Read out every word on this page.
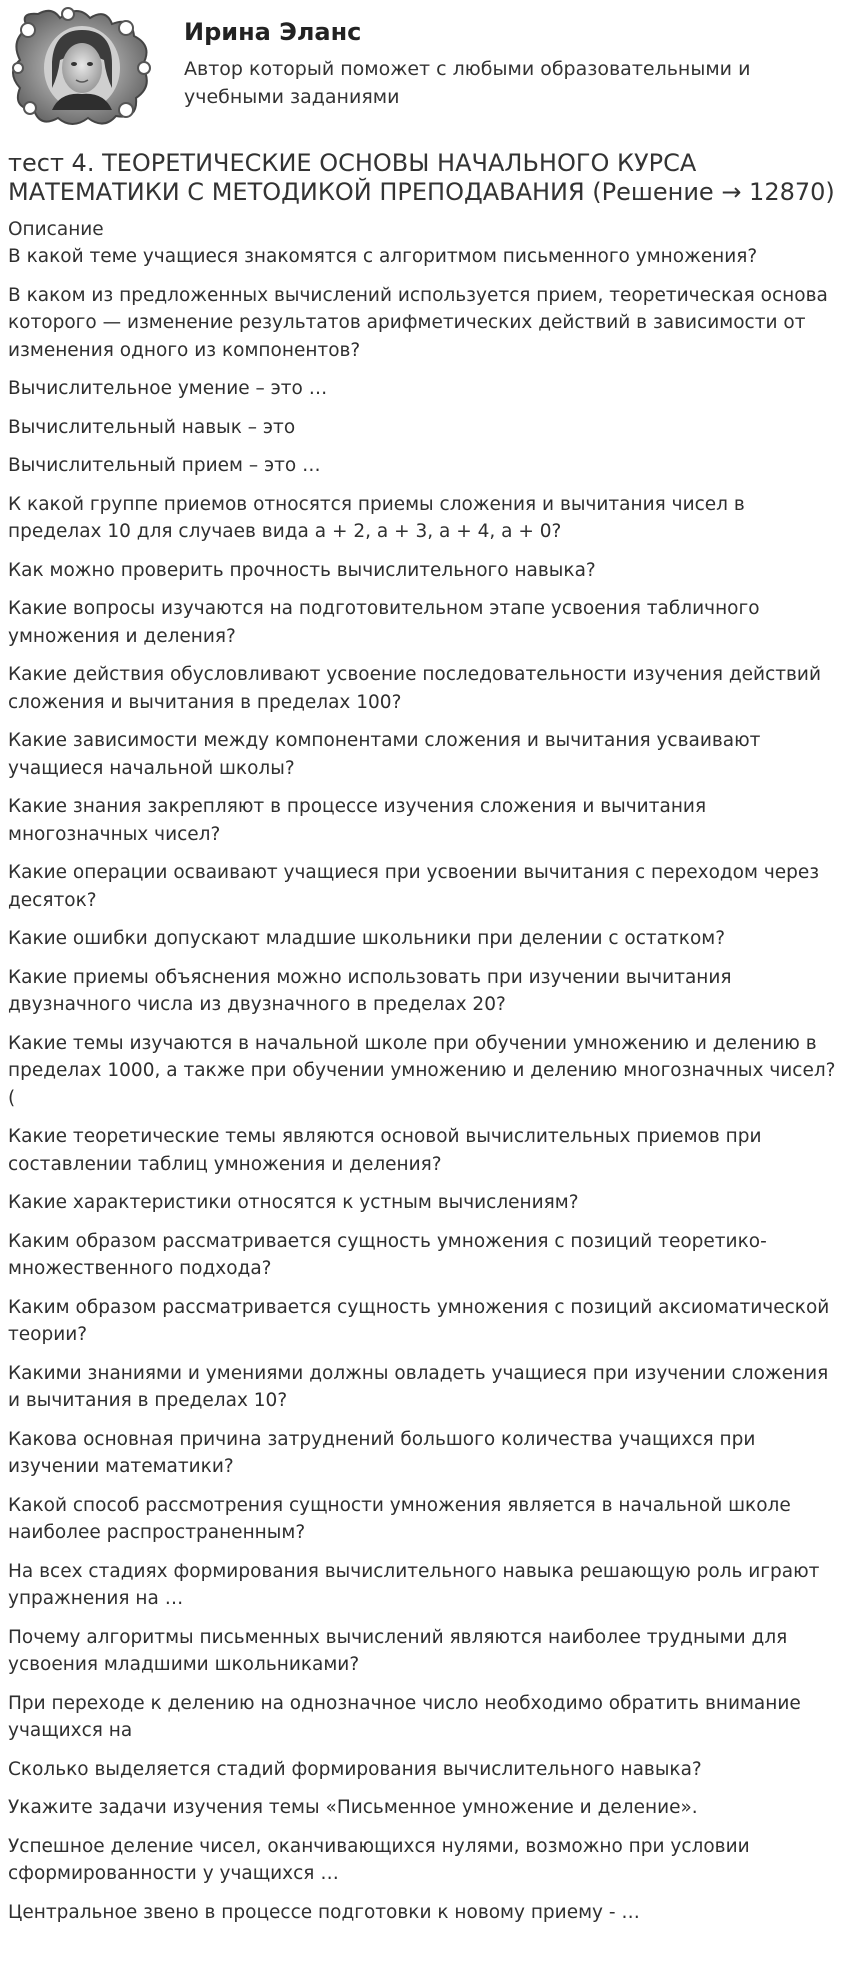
Ирина Эланс

Автор который поможет с любыми образовательными и учебными заданиями

тест 4. ТЕОРЕТИЧЕСКИЕ ОСНОВЫ НАЧАЛЬНОГО КУРСА МАТЕМАТИКИ С МЕТОДИКОЙ ПРЕПОДАВАНИЯ (Решение → 12870)
Описание
В какой теме учащиеся знакомятся с алгоритмом письменного умножения?
В каком из предложенных вычислений используется прием, теоретическая основа которого — изменение результатов арифметических действий в зависимости от изменения одного из компонентов?
Вычислительное умение – это …
Вычислительный навык – это
Вычислительный прием – это …
К какой группе приемов относятся приемы сложения и вычитания чисел в пределах 10 для случаев вида а + 2, а + 3, а + 4, а + 0?
Как можно проверить прочность вычислительного навыка?
Какие вопросы изучаются на подготовительном этапе усвоения табличного умножения и деления?
Какие действия обусловливают усвоение последовательности изучения действий сложения и вычитания в пределах 100?
Какие зависимости между компонентами сложения и вычитания усваивают учащиеся начальной школы?
Какие знания закрепляют в процессе изучения сложения и вычитания многозначных чисел?
Какие операции осваивают учащиеся при усвоении вычитания с переходом через десяток?
Какие ошибки допускают младшие школьники при делении с остатком?
Какие приемы объяснения можно использовать при изучении вычитания двузначного числа из двузначного в пределах 20?
Какие темы изучаются в начальной школе при обучении умножению и делению в пределах 1000, а также при обучении умножению и делению многозначных чисел? (
Какие теоретические темы являются основой вычислительных приемов при составлении таблиц умножения и деления?
Какие характеристики относятся к устным вычислениям?
Каким образом рассматривается сущность умножения с позиций теоретико-множественного подхода?
Каким образом рассматривается сущность умножения с позиций аксиоматической теории?
Какими знаниями и умениями должны овладеть учащиеся при изучении сложения и вычитания в пределах 10?
Какова основная причина затруднений большого количества учащихся при изучении математики?
Какой способ рассмотрения сущности умножения является в начальной школе наиболее распространенным?
На всех стадиях формирования вычислительного навыка решающую роль играют упражнения на …
Почему алгоритмы письменных вычислений являются наиболее трудными для усвоения младшими школьниками?
При переходе к делению на однозначное число необходимо обратить внимание учащихся на
Сколько выделяется стадий формирования вычислительного навыка?
Укажите задачи изучения темы «Письменное умножение и деление».
Успешное деление чисел, оканчивающихся нулями, возможно при условии сформированности у учащихся …
Центральное звено в процессе подготовки к новому приему - …
